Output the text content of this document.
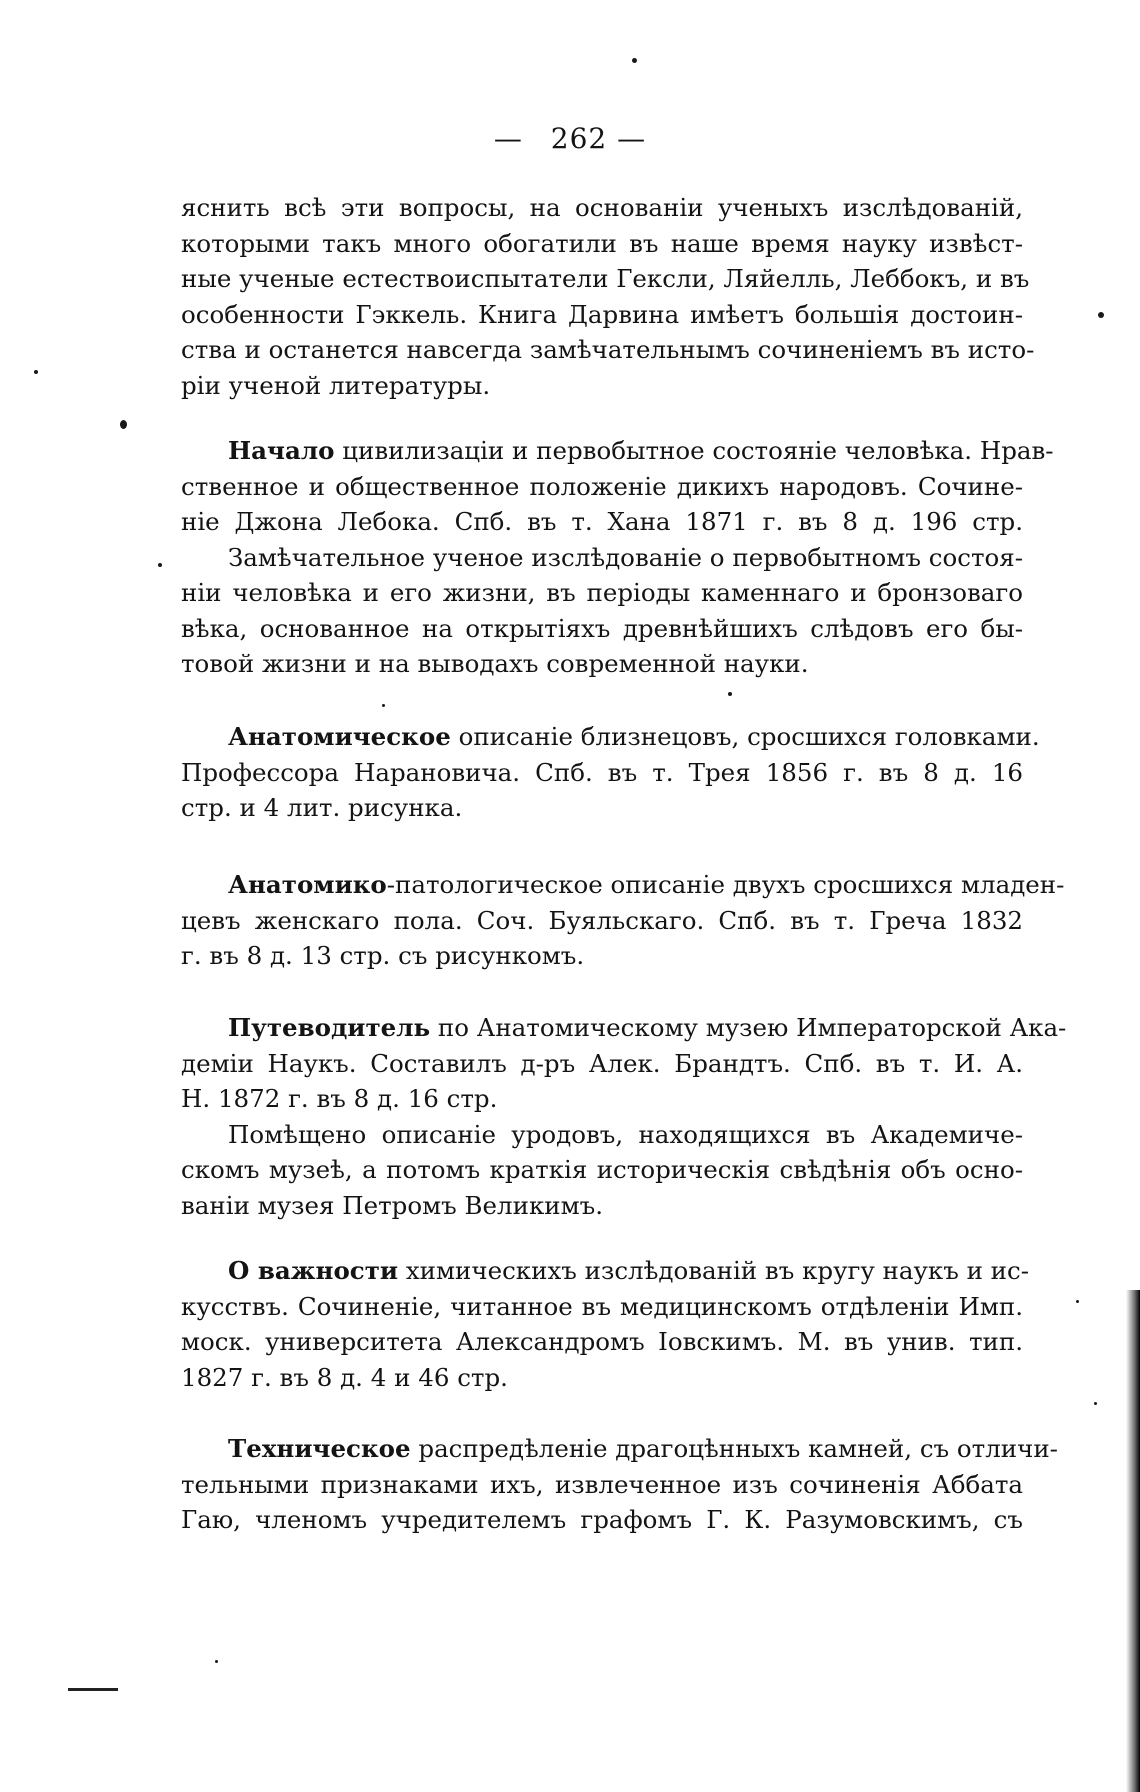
— 262 —
яснить всѣ эти вопросы, на основаніи ученыхъ изслѣдованій,
которыми такъ много обогатили въ наше время науку извѣст-
ные ученые естествоиспытатели Гексли, Ляйелль, Леббокъ, и въ
особенности Гэккель. Книга Дарвина имѣетъ большія достоин-
ства и останется навсегда замѣчательнымъ сочиненіемъ въ исто-
ріи ученой литературы.
Начало цивилизаціи и первобытное состояніе человѣка. Нрав-
ственное и общественное положеніе дикихъ народовъ. Сочине-
ніе Джона Лебока. Спб. въ т. Хана 1871 г. въ 8 д. 196 стр.
Замѣчательное ученое изслѣдованіе о первобытномъ состоя-
ніи человѣка и его жизни, въ періоды каменнаго и бронзоваго
вѣка, основанное на открытіяхъ древнѣйшихъ слѣдовъ его бы-
товой жизни и на выводахъ современной науки.
Анатомическое описаніе близнецовъ, сросшихся головками.
Профессора Нарановича. Спб. въ т. Трея 1856 г. въ 8 д. 16
стр. и 4 лит. рисунка.
Анатомико-патологическое описаніе двухъ сросшихся младен-
цевъ женскаго пола. Соч. Буяльскаго. Спб. въ т. Греча 1832
г. въ 8 д. 13 стр. съ рисункомъ.
Путеводитель по Анатомическому музею Императорской Ака-
деміи Наукъ. Составилъ д-ръ Алек. Брандтъ. Спб. въ т. И. А.
Н. 1872 г. въ 8 д. 16 стр.
Помѣщено описаніе уродовъ, находящихся въ Академиче-
скомъ музеѣ, а потомъ краткія историческія свѣдѣнія объ осно-
ваніи музея Петромъ Великимъ.
О важности химическихъ изслѣдованій въ кругу наукъ и ис-
кусствъ. Сочиненіе, читанное въ медицинскомъ отдѣленіи Имп.
моск. университета Александромъ Іовскимъ. М. въ унив. тип.
1827 г. въ 8 д. 4 и 46 стр.
Техническое распредѣленіе драгоцѣнныхъ камней, съ отличи-
тельными признаками ихъ, извлеченное изъ сочиненія Аббата
Гаю, членомъ учредителемъ графомъ Г. К. Разумовскимъ, съ
